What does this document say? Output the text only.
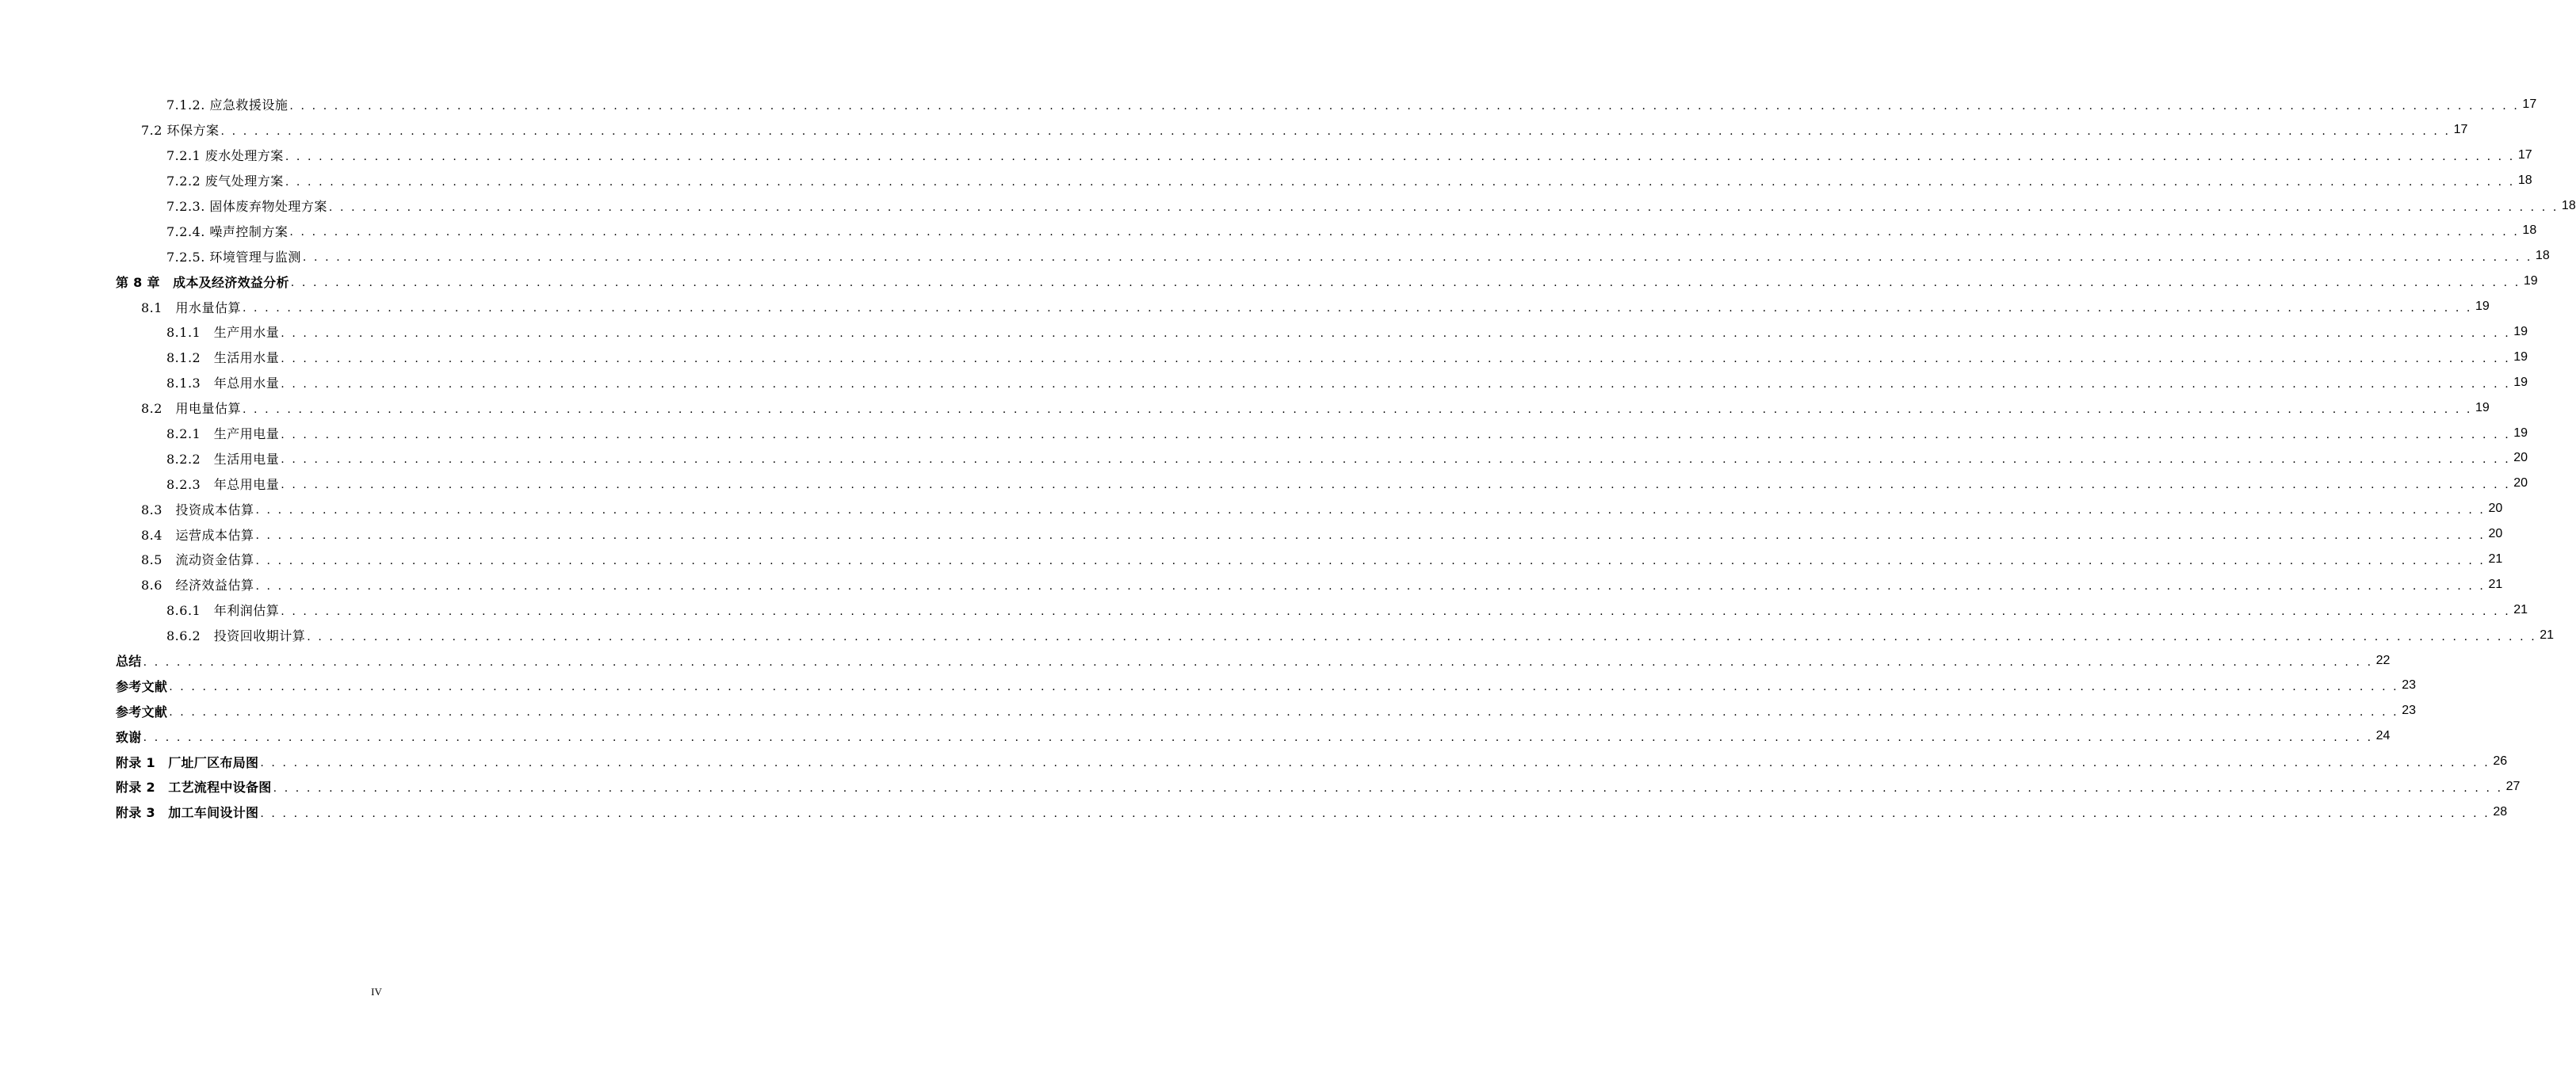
7.1.2. 应急救援设施 . . . . . . . . . . . . . . . . . . . . . . . . . . . . . . . . . . . . . . . . . . . . . . . . . . . . . . . . . . . . . . . . . . . . . . . . . . . . . . . . . . . . . . . . . . . . . . . . . . . . . . . . . . . . . . . . . . . . . . . . . . . . . . . . . . . . . . . . . . . . . . . . . . . . . . . . . . . . . . . . . . . . . . . . . . . . . . . . . . . . . . . . . . . . . . . . . . . . . . . . 17
7.2 环保方案 . . . . . . . . . . . . . . . . . . . . . . . . . . . . . . . . . . . . . . . . . . . . . . . . . . . . . . . . . . . . . . . . . . . . . . . . . . . . . . . . . . . . . . . . . . . . . . . . . . . . . . . . . . . . . . . . . . . . . . . . . . . . . . . . . . . . . . . . . . . . . . . . . . . . . . . . . . . . . . . . . . . . . . . . . . . . . . . . . . . . . . . . . . . . . . . . . . . . . . . . 17
7.2.1 废水处理方案 . . . . . . . . . . . . . . . . . . . . . . . . . . . . . . . . . . . . . . . . . . . . . . . . . . . . . . . . . . . . . . . . . . . . . . . . . . . . . . . . . . . . . . . . . . . . . . . . . . . . . . . . . . . . . . . . . . . . . . . . . . . . . . . . . . . . . . . . . . . . . . . . . . . . . . . . . . . . . . . . . . . . . . . . . . . . . . . . . . . . . . . . . . . . . . . . . . . . . . . . 17
7.2.2 废气处理方案 . . . . . . . . . . . . . . . . . . . . . . . . . . . . . . . . . . . . . . . . . . . . . . . . . . . . . . . . . . . . . . . . . . . . . . . . . . . . . . . . . . . . . . . . . . . . . . . . . . . . . . . . . . . . . . . . . . . . . . . . . . . . . . . . . . . . . . . . . . . . . . . . . . . . . . . . . . . . . . . . . . . . . . . . . . . . . . . . . . . . . . . . . . . . . . . . . . . . . . . . 18
7.2.3. 固体废弃物处理方案 . . . . . . . . . . . . . . . . . . . . . . . . . . . . . . . . . . . . . . . . . . . . . . . . . . . . . . . . . . . . . . . . . . . . . . . . . . . . . . . . . . . . . . . . . . . . . . . . . . . . . . . . . . . . . . . . . . . . . . . . . . . . . . . . . . . . . . . . . . . . . . . . . . . . . . . . . . . . . . . . . . . . . . . . . . . . . . . . . . . . . . . . . . . . . . . . . . . . . . . . 18
7.2.4. 噪声控制方案 . . . . . . . . . . . . . . . . . . . . . . . . . . . . . . . . . . . . . . . . . . . . . . . . . . . . . . . . . . . . . . . . . . . . . . . . . . . . . . . . . . . . . . . . . . . . . . . . . . . . . . . . . . . . . . . . . . . . . . . . . . . . . . . . . . . . . . . . . . . . . . . . . . . . . . . . . . . . . . . . . . . . . . . . . . . . . . . . . . . . . . . . . . . . . . . . . . . . . . . . 18
7.2.5. 环境管理与监测 . . . . . . . . . . . . . . . . . . . . . . . . . . . . . . . . . . . . . . . . . . . . . . . . . . . . . . . . . . . . . . . . . . . . . . . . . . . . . . . . . . . . . . . . . . . . . . . . . . . . . . . . . . . . . . . . . . . . . . . . . . . . . . . . . . . . . . . . . . . . . . . . . . . . . . . . . . . . . . . . . . . . . . . . . . . . . . . . . . . . . . . . . . . . . . . . . . . . . . . . 18
第 8 章　成本及经济效益分析 . . . . . . . . . . . . . . . . . . . . . . . . . . . . . . . . . . . . . . . . . . . . . . . . . . . . . . . . . . . . . . . . . . . . . . . . . . . . . . . . . . . . . . . . . . . . . . . . . . . . . . . . . . . . . . . . . . . . . . . . . . . . . . . . . . . . . . . . . . . . . . . . . . . . . . . . . . . . . . . . . . . . . . . . . . . . . . . . . . . . . . . . . . . . . . . . . . . . . . . . 19
8.1　用水量估算 . . . . . . . . . . . . . . . . . . . . . . . . . . . . . . . . . . . . . . . . . . . . . . . . . . . . . . . . . . . . . . . . . . . . . . . . . . . . . . . . . . . . . . . . . . . . . . . . . . . . . . . . . . . . . . . . . . . . . . . . . . . . . . . . . . . . . . . . . . . . . . . . . . . . . . . . . . . . . . . . . . . . . . . . . . . . . . . . . . . . . . . . . . . . . . . . . . . . . . . . 19
8.1.1　生产用水量 . . . . . . . . . . . . . . . . . . . . . . . . . . . . . . . . . . . . . . . . . . . . . . . . . . . . . . . . . . . . . . . . . . . . . . . . . . . . . . . . . . . . . . . . . . . . . . . . . . . . . . . . . . . . . . . . . . . . . . . . . . . . . . . . . . . . . . . . . . . . . . . . . . . . . . . . . . . . . . . . . . . . . . . . . . . . . . . . . . . . . . . . . . . . . . . . . . . . . . . . 19
8.1.2　生活用水量 . . . . . . . . . . . . . . . . . . . . . . . . . . . . . . . . . . . . . . . . . . . . . . . . . . . . . . . . . . . . . . . . . . . . . . . . . . . . . . . . . . . . . . . . . . . . . . . . . . . . . . . . . . . . . . . . . . . . . . . . . . . . . . . . . . . . . . . . . . . . . . . . . . . . . . . . . . . . . . . . . . . . . . . . . . . . . . . . . . . . . . . . . . . . . . . . . . . . . . . . 19
8.1.3　年总用水量 . . . . . . . . . . . . . . . . . . . . . . . . . . . . . . . . . . . . . . . . . . . . . . . . . . . . . . . . . . . . . . . . . . . . . . . . . . . . . . . . . . . . . . . . . . . . . . . . . . . . . . . . . . . . . . . . . . . . . . . . . . . . . . . . . . . . . . . . . . . . . . . . . . . . . . . . . . . . . . . . . . . . . . . . . . . . . . . . . . . . . . . . . . . . . . . . . . . . . . . . 19
8.2　用电量估算 . . . . . . . . . . . . . . . . . . . . . . . . . . . . . . . . . . . . . . . . . . . . . . . . . . . . . . . . . . . . . . . . . . . . . . . . . . . . . . . . . . . . . . . . . . . . . . . . . . . . . . . . . . . . . . . . . . . . . . . . . . . . . . . . . . . . . . . . . . . . . . . . . . . . . . . . . . . . . . . . . . . . . . . . . . . . . . . . . . . . . . . . . . . . . . . . . . . . . . . . 19
8.2.1　生产用电量 . . . . . . . . . . . . . . . . . . . . . . . . . . . . . . . . . . . . . . . . . . . . . . . . . . . . . . . . . . . . . . . . . . . . . . . . . . . . . . . . . . . . . . . . . . . . . . . . . . . . . . . . . . . . . . . . . . . . . . . . . . . . . . . . . . . . . . . . . . . . . . . . . . . . . . . . . . . . . . . . . . . . . . . . . . . . . . . . . . . . . . . . . . . . . . . . . . . . . . . . 19
8.2.2　生活用电量 . . . . . . . . . . . . . . . . . . . . . . . . . . . . . . . . . . . . . . . . . . . . . . . . . . . . . . . . . . . . . . . . . . . . . . . . . . . . . . . . . . . . . . . . . . . . . . . . . . . . . . . . . . . . . . . . . . . . . . . . . . . . . . . . . . . . . . . . . . . . . . . . . . . . . . . . . . . . . . . . . . . . . . . . . . . . . . . . . . . . . . . . . . . . . . . . . . . . . . . . 20
8.2.3　年总用电量 . . . . . . . . . . . . . . . . . . . . . . . . . . . . . . . . . . . . . . . . . . . . . . . . . . . . . . . . . . . . . . . . . . . . . . . . . . . . . . . . . . . . . . . . . . . . . . . . . . . . . . . . . . . . . . . . . . . . . . . . . . . . . . . . . . . . . . . . . . . . . . . . . . . . . . . . . . . . . . . . . . . . . . . . . . . . . . . . . . . . . . . . . . . . . . . . . . . . . . . . 20
8.3　投资成本估算 . . . . . . . . . . . . . . . . . . . . . . . . . . . . . . . . . . . . . . . . . . . . . . . . . . . . . . . . . . . . . . . . . . . . . . . . . . . . . . . . . . . . . . . . . . . . . . . . . . . . . . . . . . . . . . . . . . . . . . . . . . . . . . . . . . . . . . . . . . . . . . . . . . . . . . . . . . . . . . . . . . . . . . . . . . . . . . . . . . . . . . . . . . . . . . . . . . . . . . . . 20
8.4　运营成本估算 . . . . . . . . . . . . . . . . . . . . . . . . . . . . . . . . . . . . . . . . . . . . . . . . . . . . . . . . . . . . . . . . . . . . . . . . . . . . . . . . . . . . . . . . . . . . . . . . . . . . . . . . . . . . . . . . . . . . . . . . . . . . . . . . . . . . . . . . . . . . . . . . . . . . . . . . . . . . . . . . . . . . . . . . . . . . . . . . . . . . . . . . . . . . . . . . . . . . . . . . 20
8.5　流动资金估算 . . . . . . . . . . . . . . . . . . . . . . . . . . . . . . . . . . . . . . . . . . . . . . . . . . . . . . . . . . . . . . . . . . . . . . . . . . . . . . . . . . . . . . . . . . . . . . . . . . . . . . . . . . . . . . . . . . . . . . . . . . . . . . . . . . . . . . . . . . . . . . . . . . . . . . . . . . . . . . . . . . . . . . . . . . . . . . . . . . . . . . . . . . . . . . . . . . . . . . . . 21
8.6　经济效益估算 . . . . . . . . . . . . . . . . . . . . . . . . . . . . . . . . . . . . . . . . . . . . . . . . . . . . . . . . . . . . . . . . . . . . . . . . . . . . . . . . . . . . . . . . . . . . . . . . . . . . . . . . . . . . . . . . . . . . . . . . . . . . . . . . . . . . . . . . . . . . . . . . . . . . . . . . . . . . . . . . . . . . . . . . . . . . . . . . . . . . . . . . . . . . . . . . . . . . . . . . 21
8.6.1　年利润估算 . . . . . . . . . . . . . . . . . . . . . . . . . . . . . . . . . . . . . . . . . . . . . . . . . . . . . . . . . . . . . . . . . . . . . . . . . . . . . . . . . . . . . . . . . . . . . . . . . . . . . . . . . . . . . . . . . . . . . . . . . . . . . . . . . . . . . . . . . . . . . . . . . . . . . . . . . . . . . . . . . . . . . . . . . . . . . . . . . . . . . . . . . . . . . . . . . . . . . . . . 21
8.6.2　投资回收期计算 . . . . . . . . . . . . . . . . . . . . . . . . . . . . . . . . . . . . . . . . . . . . . . . . . . . . . . . . . . . . . . . . . . . . . . . . . . . . . . . . . . . . . . . . . . . . . . . . . . . . . . . . . . . . . . . . . . . . . . . . . . . . . . . . . . . . . . . . . . . . . . . . . . . . . . . . . . . . . . . . . . . . . . . . . . . . . . . . . . . . . . . . . . . . . . . . . . . . . . . . 21
总结 . . . . . . . . . . . . . . . . . . . . . . . . . . . . . . . . . . . . . . . . . . . . . . . . . . . . . . . . . . . . . . . . . . . . . . . . . . . . . . . . . . . . . . . . . . . . . . . . . . . . . . . . . . . . . . . . . . . . . . . . . . . . . . . . . . . . . . . . . . . . . . . . . . . . . . . . . . . . . . . . . . . . . . . . . . . . . . . . . . . . . . . . . . . . . . . . . . . . . . . . 22
参考文献 . . . . . . . . . . . . . . . . . . . . . . . . . . . . . . . . . . . . . . . . . . . . . . . . . . . . . . . . . . . . . . . . . . . . . . . . . . . . . . . . . . . . . . . . . . . . . . . . . . . . . . . . . . . . . . . . . . . . . . . . . . . . . . . . . . . . . . . . . . . . . . . . . . . . . . . . . . . . . . . . . . . . . . . . . . . . . . . . . . . . . . . . . . . . . . . . . . . . . . . . 23
参考文献 . . . . . . . . . . . . . . . . . . . . . . . . . . . . . . . . . . . . . . . . . . . . . . . . . . . . . . . . . . . . . . . . . . . . . . . . . . . . . . . . . . . . . . . . . . . . . . . . . . . . . . . . . . . . . . . . . . . . . . . . . . . . . . . . . . . . . . . . . . . . . . . . . . . . . . . . . . . . . . . . . . . . . . . . . . . . . . . . . . . . . . . . . . . . . . . . . . . . . . . . 23
致谢 . . . . . . . . . . . . . . . . . . . . . . . . . . . . . . . . . . . . . . . . . . . . . . . . . . . . . . . . . . . . . . . . . . . . . . . . . . . . . . . . . . . . . . . . . . . . . . . . . . . . . . . . . . . . . . . . . . . . . . . . . . . . . . . . . . . . . . . . . . . . . . . . . . . . . . . . . . . . . . . . . . . . . . . . . . . . . . . . . . . . . . . . . . . . . . . . . . . . . . . . 24
附录 1　厂址厂区布局图 . . . . . . . . . . . . . . . . . . . . . . . . . . . . . . . . . . . . . . . . . . . . . . . . . . . . . . . . . . . . . . . . . . . . . . . . . . . . . . . . . . . . . . . . . . . . . . . . . . . . . . . . . . . . . . . . . . . . . . . . . . . . . . . . . . . . . . . . . . . . . . . . . . . . . . . . . . . . . . . . . . . . . . . . . . . . . . . . . . . . . . . . . . . . . . . . . . . . . . . . 26
附录 2　工艺流程中设备图 . . . . . . . . . . . . . . . . . . . . . . . . . . . . . . . . . . . . . . . . . . . . . . . . . . . . . . . . . . . . . . . . . . . . . . . . . . . . . . . . . . . . . . . . . . . . . . . . . . . . . . . . . . . . . . . . . . . . . . . . . . . . . . . . . . . . . . . . . . . . . . . . . . . . . . . . . . . . . . . . . . . . . . . . . . . . . . . . . . . . . . . . . . . . . . . . . . . . . . . . 27
附录 3　加工车间设计图 . . . . . . . . . . . . . . . . . . . . . . . . . . . . . . . . . . . . . . . . . . . . . . . . . . . . . . . . . . . . . . . . . . . . . . . . . . . . . . . . . . . . . . . . . . . . . . . . . . . . . . . . . . . . . . . . . . . . . . . . . . . . . . . . . . . . . . . . . . . . . . . . . . . . . . . . . . . . . . . . . . . . . . . . . . . . . . . . . . . . . . . . . . . . . . . . . . . . . . . . 28
IV
